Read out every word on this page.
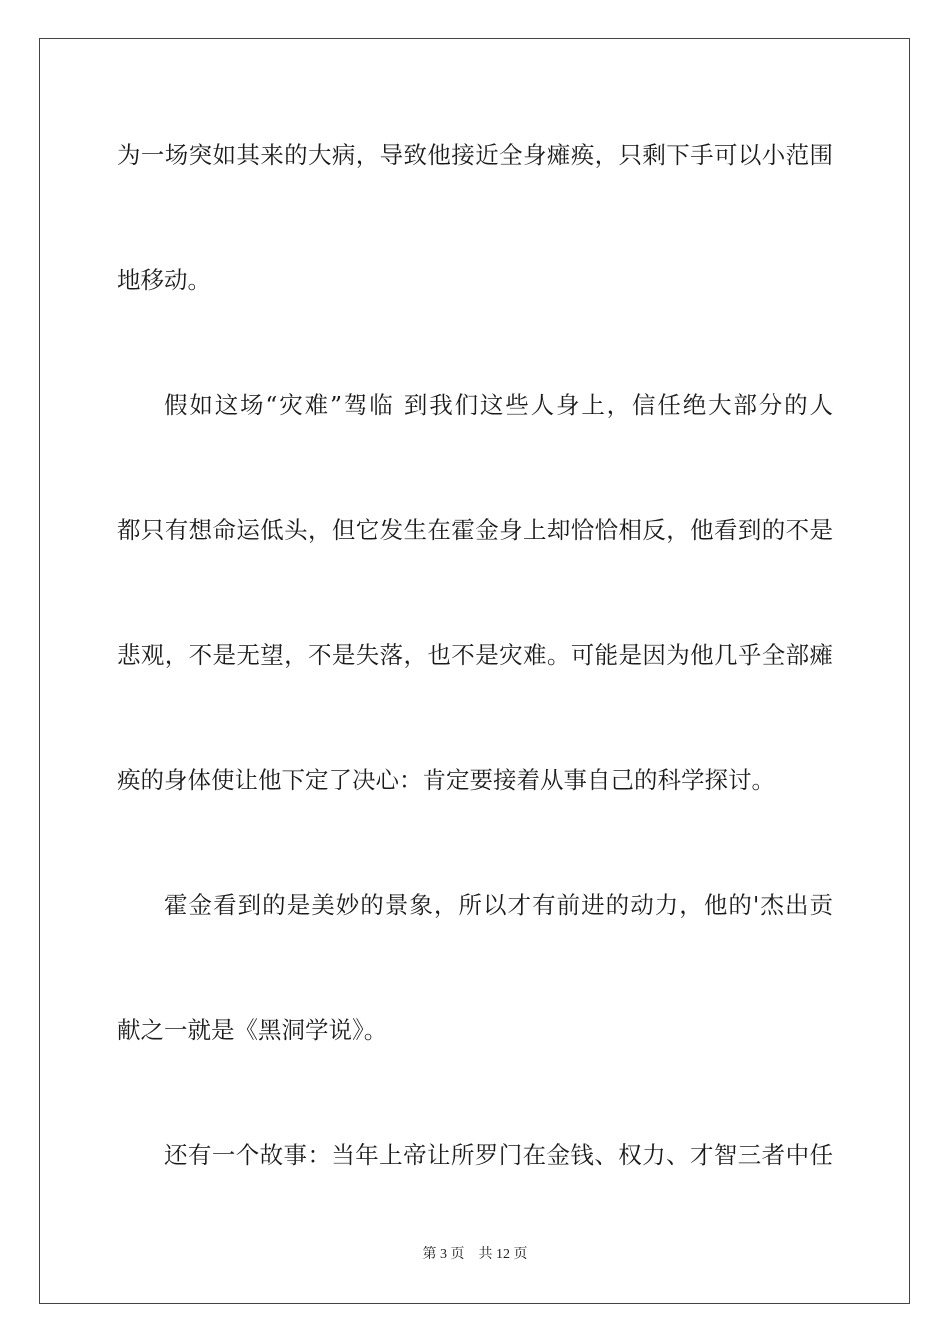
为一场突如其来的大病，导致他接近全身瘫痪，只剩下手可以小范围
地移动。
假如这场“灾难”驾临 到我们这些人身上，信任绝大部分的人
都只有想命运低头，但它发生在霍金身上却恰恰相反，他看到的不是
悲观，不是无望，不是失落，也不是灾难。可能是因为他几乎全部瘫
痪的身体使让他下定了决心：肯定要接着从事自己的科学探讨。
霍金看到的是美妙的景象，所以才有前进的动力，他的'杰出贡
献之一就是《黑洞学说》。
还有一个故事：当年上帝让所罗门在金钱、权力、才智三者中任
第 3 页 共 12 页
